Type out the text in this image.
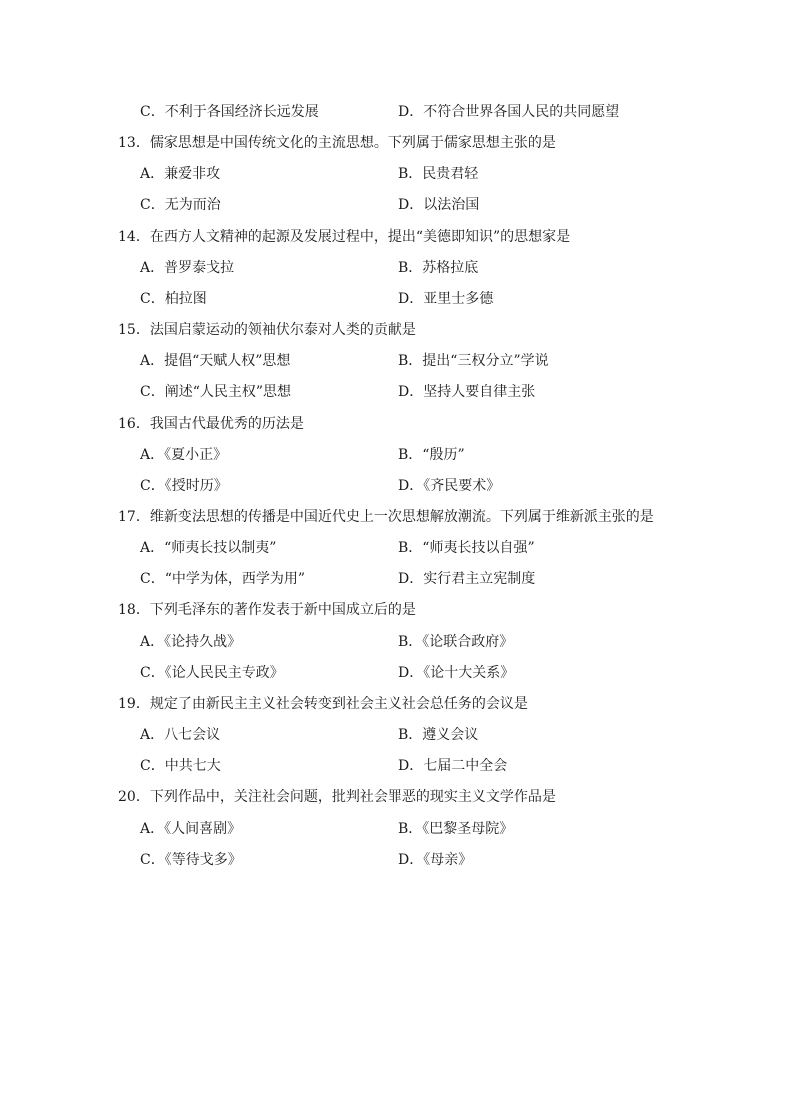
C．不利于各国经济长远发展	D．不符合世界各国人民的共同愿望
13．儒家思想是中国传统文化的主流思想。下列属于儒家思想主张的是
A．兼爱非攻	B．民贵君轻
C．无为而治	D．以法治国
14．在西方人文精神的起源及发展过程中，提出“美德即知识”的思想家是
A．普罗泰戈拉	B．苏格拉底
C．柏拉图	D．亚里士多德
15．法国启蒙运动的领袖伏尔泰对人类的贡献是
A．提倡“天赋人权”思想	B．提出“三权分立”学说
C．阐述“人民主权”思想	D．坚持人要自律主张
16．我国古代最优秀的历法是
A．《夏小正》	B．“殷历”
C．《授时历》	D．《齐民要术》
17．维新变法思想的传播是中国近代史上一次思想解放潮流。下列属于维新派主张的是
A．“师夷长技以制夷”	B．“师夷长技以自强”
C．“中学为体，西学为用”	D．实行君主立宪制度
18．下列毛泽东的著作发表于新中国成立后的是
A．《论持久战》	B．《论联合政府》
C．《论人民民主专政》	D．《论十大关系》
19．规定了由新民主主义社会转变到社会主义社会总任务的会议是
A．八七会议	B．遵义会议
C．中共七大	D．七届二中全会
20．下列作品中，关注社会问题，批判社会罪恶的现实主义文学作品是
A．《人间喜剧》	B．《巴黎圣母院》
C．《等待戈多》	D．《母亲》
